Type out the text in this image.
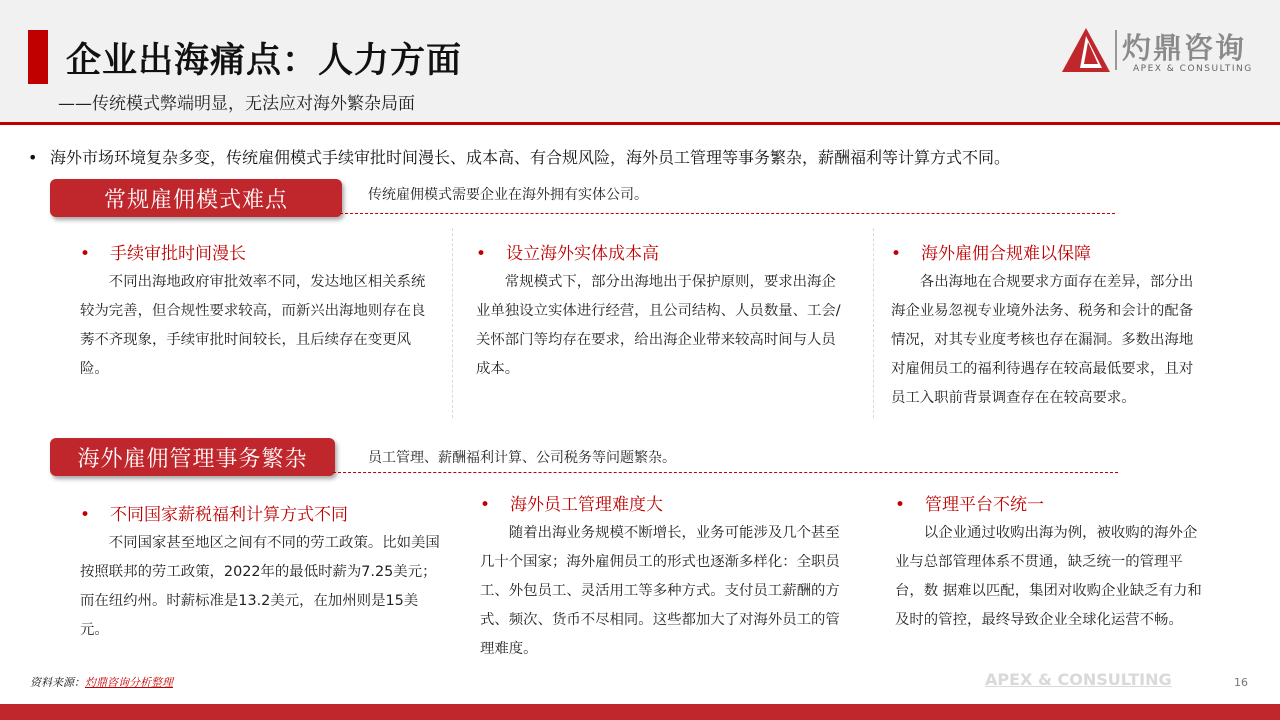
企业出海痛点：人力方面
——传统模式弊端明显，无法应对海外繁杂局面
灼鼎咨询
APEX & CONSULTING
• 海外市场环境复杂多变，传统雇佣模式手续审批时间漫长、成本高、有合规风险，海外员工管理等事务繁杂，薪酬福利等计算方式不同。
常规雇佣模式难点	传统雇佣模式需要企业在海外拥有实体公司。
• 手续审批时间漫长
不同出海地政府审批效率不同，发达地区相关系统较为完善，但合规性要求较高，而新兴出海地则存在良莠不齐现象，手续审批时间较长，且后续存在变更风险。
• 设立海外实体成本高
常规模式下，部分出海地出于保护原则，要求出海企业单独设立实体进行经营，且公司结构、人员数量、工会/关怀部门等均存在要求，给出海企业带来较高时间与人员成本。
• 海外雇佣合规难以保障
各出海地在合规要求方面存在差异，部分出海企业易忽视专业境外法务、税务和会计的配备情况，对其专业度考核也存在漏洞。多数出海地对雇佣员工的福利待遇存在较高最低要求，且对员工入职前背景调查存在在较高要求。
海外雇佣管理事务繁杂	员工管理、薪酬福利计算、公司税务等问题繁杂。
• 不同国家薪税福利计算方式不同
不同国家甚至地区之间有不同的劳工政策。比如美国按照联邦的劳工政策，2022年的最低时薪为7.25美元；而在纽约州。时薪标准是13.2美元，在加州则是15美元。
• 海外员工管理难度大
随着出海业务规模不断增长，业务可能涉及几个甚至几十个国家；海外雇佣员工的形式也逐渐多样化：全职员工、外包员工、灵活用工等多种方式。支付员工薪酬的方式、频次、货币不尽相同。这些都加大了对海外员工的管理难度。
• 管理平台不统一
以企业通过收购出海为例，被收购的海外企业与总部管理体系不贯通，缺乏统一的管理平台，数 据难以匹配，集团对收购企业缺乏有力和及时的管控，最终导致企业全球化运营不畅。
资料来源：灼鼎咨询分析整理	APEX & CONSULTING	16
